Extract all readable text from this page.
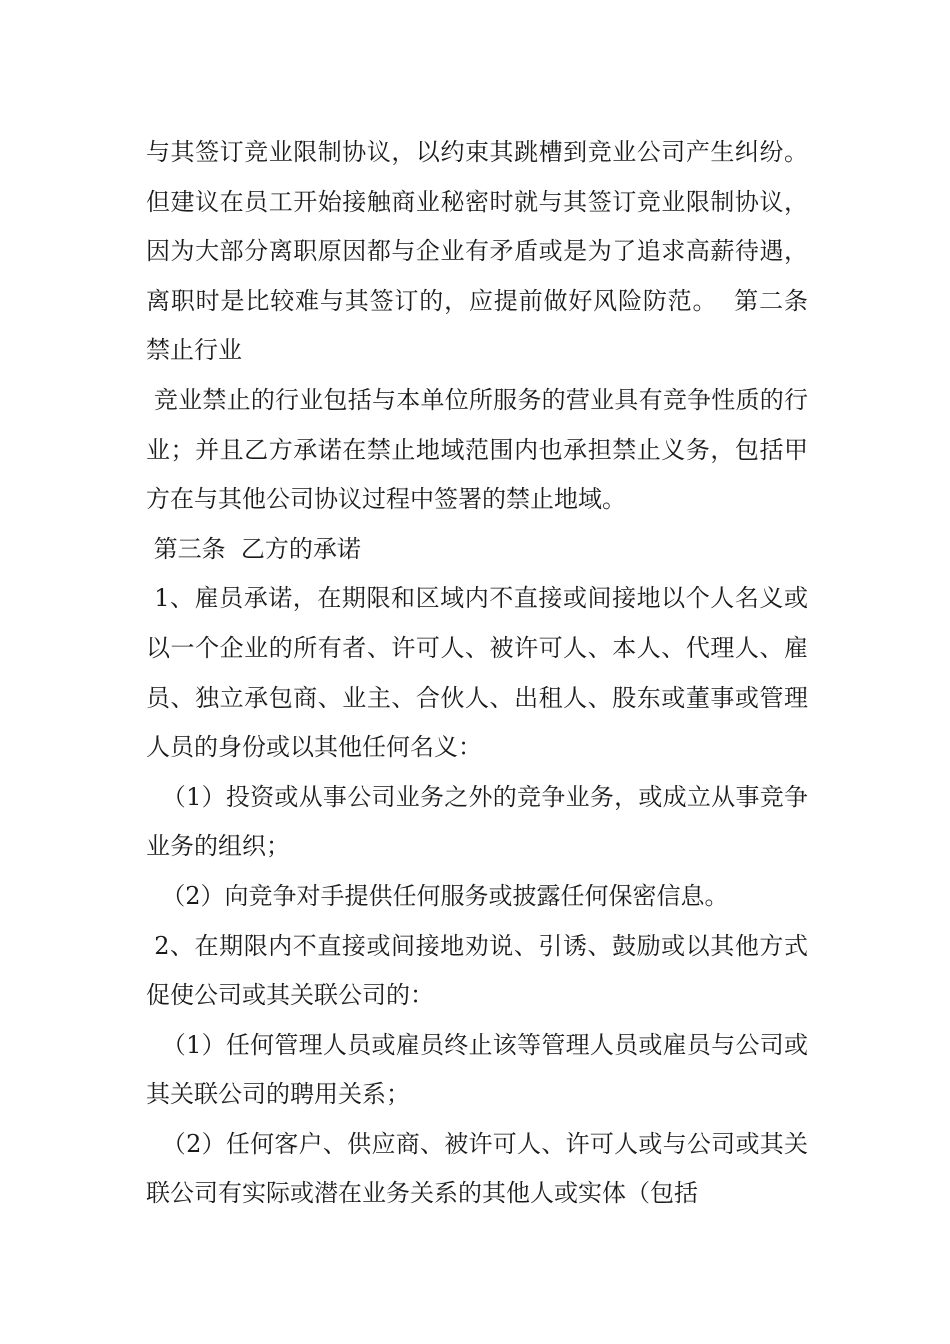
与其签订竞业限制协议，以约束其跳槽到竞业公司产生纠纷。 但建议在员工开始接触商业秘密时就与其签订竞业限制协议，因为大部分离职原因都与企业有矛盾或是为了追求高薪待遇，离职时是比较难与其签订的，应提前做好风险防范。  第二条  禁止行业

竞业禁止的行业包括与本单位所服务的营业具有竞争性质的行业；并且乙方承诺在禁止地域范围内也承担禁止义务，包括甲方在与其他公司协议过程中签署的禁止地域。

第三条  乙方的承诺

1、雇员承诺，在期限和区域内不直接或间接地以个人名义或以一个企业的所有者、许可人、被许可人、本人、代理人、雇员、独立承包商、业主、合伙人、出租人、股东或董事或管理人员的身份或以其他任何名义：

（1）投资或从事公司业务之外的竞争业务，或成立从事竞争业务的组织；

（2）向竞争对手提供任何服务或披露任何保密信息。

2、在期限内不直接或间接地劝说、引诱、鼓励或以其他方式促使公司或其关联公司的：

（1）任何管理人员或雇员终止该等管理人员或雇员与公司或其关联公司的聘用关系；

（2）任何客户、供应商、被许可人、许可人或与公司或其关联公司有实际或潜在业务关系的其他人或实体（包括
